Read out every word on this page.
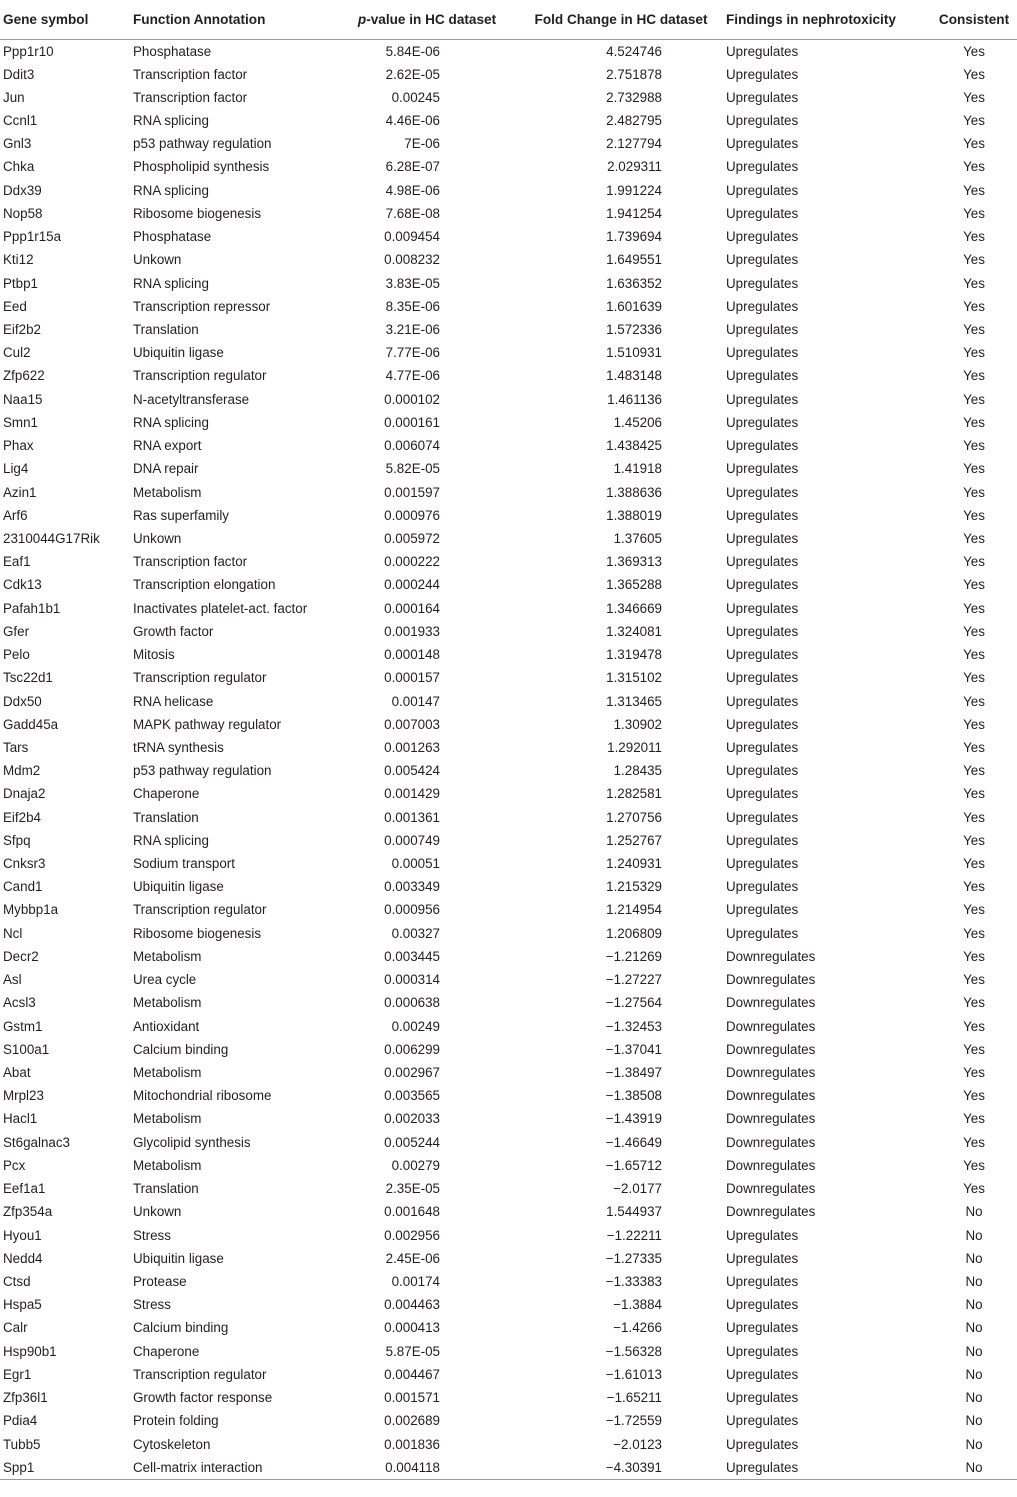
Gene symbol	Function Annotation	p-value in HC dataset	Fold Change in HC dataset	Findings in nephrotoxicity	Consistent
Ppp1r10	Phosphatase	5.84E-06	4.524746	Upregulates	Yes
Ddit3	Transcription factor	2.62E-05	2.751878	Upregulates	Yes
Jun	Transcription factor	0.00245	2.732988	Upregulates	Yes
Ccnl1	RNA splicing	4.46E-06	2.482795	Upregulates	Yes
Gnl3	p53 pathway regulation	7E-06	2.127794	Upregulates	Yes
Chka	Phospholipid synthesis	6.28E-07	2.029311	Upregulates	Yes
Ddx39	RNA splicing	4.98E-06	1.991224	Upregulates	Yes
Nop58	Ribosome biogenesis	7.68E-08	1.941254	Upregulates	Yes
Ppp1r15a	Phosphatase	0.009454	1.739694	Upregulates	Yes
Kti12	Unkown	0.008232	1.649551	Upregulates	Yes
Ptbp1	RNA splicing	3.83E-05	1.636352	Upregulates	Yes
Eed	Transcription repressor	8.35E-06	1.601639	Upregulates	Yes
Eif2b2	Translation	3.21E-06	1.572336	Upregulates	Yes
Cul2	Ubiquitin ligase	7.77E-06	1.510931	Upregulates	Yes
Zfp622	Transcription regulator	4.77E-06	1.483148	Upregulates	Yes
Naa15	N-acetyltransferase	0.000102	1.461136	Upregulates	Yes
Smn1	RNA splicing	0.000161	1.45206	Upregulates	Yes
Phax	RNA export	0.006074	1.438425	Upregulates	Yes
Lig4	DNA repair	5.82E-05	1.41918	Upregulates	Yes
Azin1	Metabolism	0.001597	1.388636	Upregulates	Yes
Arf6	Ras superfamily	0.000976	1.388019	Upregulates	Yes
2310044G17Rik	Unkown	0.005972	1.37605	Upregulates	Yes
Eaf1	Transcription factor	0.000222	1.369313	Upregulates	Yes
Cdk13	Transcription elongation	0.000244	1.365288	Upregulates	Yes
Pafah1b1	Inactivates platelet-act. factor	0.000164	1.346669	Upregulates	Yes
Gfer	Growth factor	0.001933	1.324081	Upregulates	Yes
Pelo	Mitosis	0.000148	1.319478	Upregulates	Yes
Tsc22d1	Transcription regulator	0.000157	1.315102	Upregulates	Yes
Ddx50	RNA helicase	0.00147	1.313465	Upregulates	Yes
Gadd45a	MAPK pathway regulator	0.007003	1.30902	Upregulates	Yes
Tars	tRNA synthesis	0.001263	1.292011	Upregulates	Yes
Mdm2	p53 pathway regulation	0.005424	1.28435	Upregulates	Yes
Dnaja2	Chaperone	0.001429	1.282581	Upregulates	Yes
Eif2b4	Translation	0.001361	1.270756	Upregulates	Yes
Sfpq	RNA splicing	0.000749	1.252767	Upregulates	Yes
Cnksr3	Sodium transport	0.00051	1.240931	Upregulates	Yes
Cand1	Ubiquitin ligase	0.003349	1.215329	Upregulates	Yes
Mybbp1a	Transcription regulator	0.000956	1.214954	Upregulates	Yes
Ncl	Ribosome biogenesis	0.00327	1.206809	Upregulates	Yes
Decr2	Metabolism	0.003445	−1.21269	Downregulates	Yes
Asl	Urea cycle	0.000314	−1.27227	Downregulates	Yes
Acsl3	Metabolism	0.000638	−1.27564	Downregulates	Yes
Gstm1	Antioxidant	0.00249	−1.32453	Downregulates	Yes
S100a1	Calcium binding	0.006299	−1.37041	Downregulates	Yes
Abat	Metabolism	0.002967	−1.38497	Downregulates	Yes
Mrpl23	Mitochondrial ribosome	0.003565	−1.38508	Downregulates	Yes
Hacl1	Metabolism	0.002033	−1.43919	Downregulates	Yes
St6galnac3	Glycolipid synthesis	0.005244	−1.46649	Downregulates	Yes
Pcx	Metabolism	0.00279	−1.65712	Downregulates	Yes
Eef1a1	Translation	2.35E-05	−2.0177	Downregulates	Yes
Zfp354a	Unkown	0.001648	1.544937	Downregulates	No
Hyou1	Stress	0.002956	−1.22211	Upregulates	No
Nedd4	Ubiquitin ligase	2.45E-06	−1.27335	Upregulates	No
Ctsd	Protease	0.00174	−1.33383	Upregulates	No
Hspa5	Stress	0.004463	−1.3884	Upregulates	No
Calr	Calcium binding	0.000413	−1.4266	Upregulates	No
Hsp90b1	Chaperone	5.87E-05	−1.56328	Upregulates	No
Egr1	Transcription regulator	0.004467	−1.61013	Upregulates	No
Zfp36l1	Growth factor response	0.001571	−1.65211	Upregulates	No
Pdia4	Protein folding	0.002689	−1.72559	Upregulates	No
Tubb5	Cytoskeleton	0.001836	−2.0123	Upregulates	No
Spp1	Cell-matrix interaction	0.004118	−4.30391	Upregulates	No
